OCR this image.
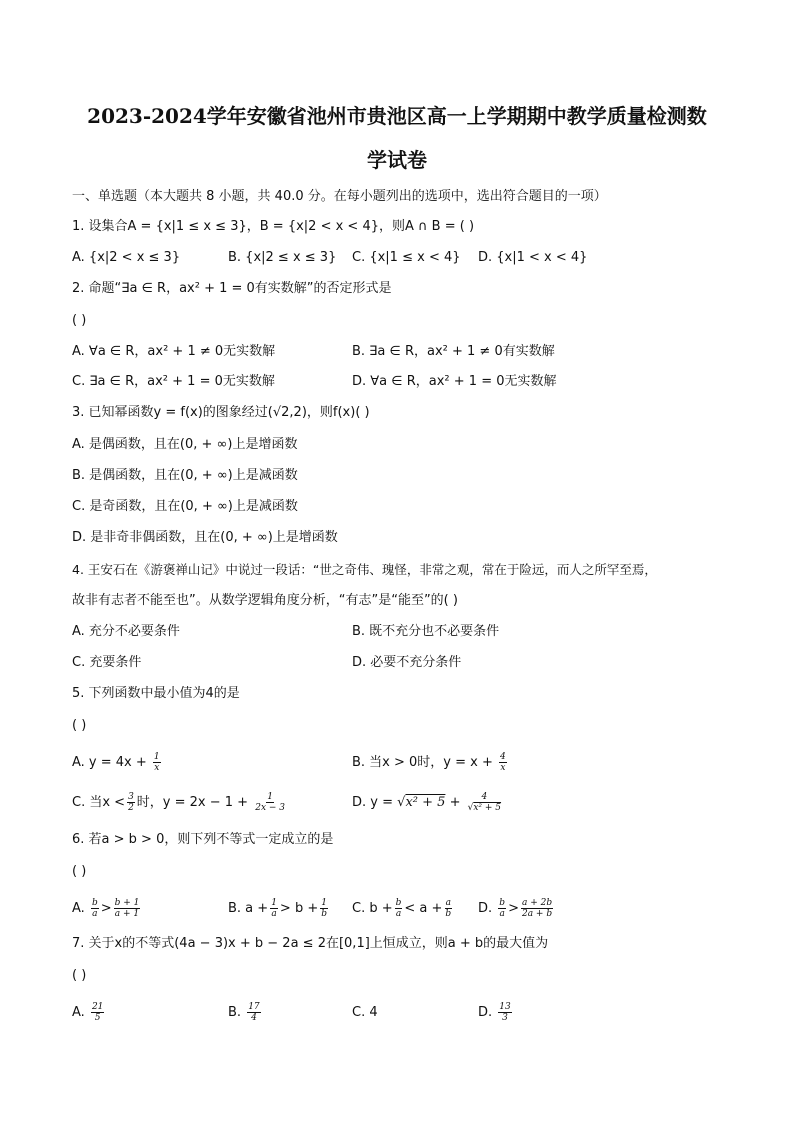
2023-2024学年安徽省池州市贵池区高一上学期期中教学质量检测数
学试卷
一、单选题（本大题共 8 小题，共 40.0 分。在每小题列出的选项中，选出符合题目的一项）
1. 设集合A = {x|1 ≤ x ≤ 3}，B = {x|2 < x < 4}，则A ∩ B = ( )
A. {x|2 < x ≤ 3}	B. {x|2 ≤ x ≤ 3} C. {x|1 ≤ x < 4} D. {x|1 < x < 4}
2. 命题“∃a ∈ R，ax² + 1 = 0有实数解”的否定形式是
( )
A. ∀a ∈ R，ax² + 1 ≠ 0无实数解	B. ∃a ∈ R，ax² + 1 ≠ 0有实数解
C. ∃a ∈ R，ax² + 1 = 0无实数解	D. ∀a ∈ R，ax² + 1 = 0无实数解
3. 已知幂函数y = f(x)的图象经过(√2,2)，则f(x)( )
A. 是偶函数，且在(0, + ∞)上是增函数
B. 是偶函数，且在(0, + ∞)上是减函数
C. 是奇函数，且在(0, + ∞)上是减函数
D. 是非奇非偶函数，且在(0, + ∞)上是增函数
4. 王安石在《游褒禅山记》中说过一段话：“世之奇伟、瑰怪，非常之观，常在于险远，而人之所罕至焉，
故非有志者不能至也”。从数学逻辑角度分析，“有志”是“能至”的( )
A. 充分不必要条件	B. 既不充分也不必要条件
C. 充要条件	D. 必要不充分条件
5. 下列函数中最小值为4的是
( )
A. $y = 4x + \frac{1}{x}$	B. 当x > 0时，$y = x + \frac{4}{x}$
C. 当$x < \frac{3}{2}$ 时，$y = 2x - 1 + \frac{1}{2x - 3}$	D. $y = √x^2 + 5 + \frac{4}{\text{√x² + 5}}$
6. 若a > b > 0，则下列不等式一定成立的是
( )
A. $\frac{b}{a} > \frac{b + 1}{a + 1}$	B. $a + \frac{1}{a} > b + \frac{1}{b} C$. $b + \frac{b}{a} < a + \frac{a}{b} D$. $\frac{b}{a} > \frac{a + 2b}{2a + b}$
7. 关于x的不等式(4a − 3)x + b − 2a ≤ 2在[0,1]上恒成立，则a + b的最大值为
( )
A. $\frac{21}{5}$	B. $\frac{17}{4}$	C. 4	D. $\frac{13}{3}$
